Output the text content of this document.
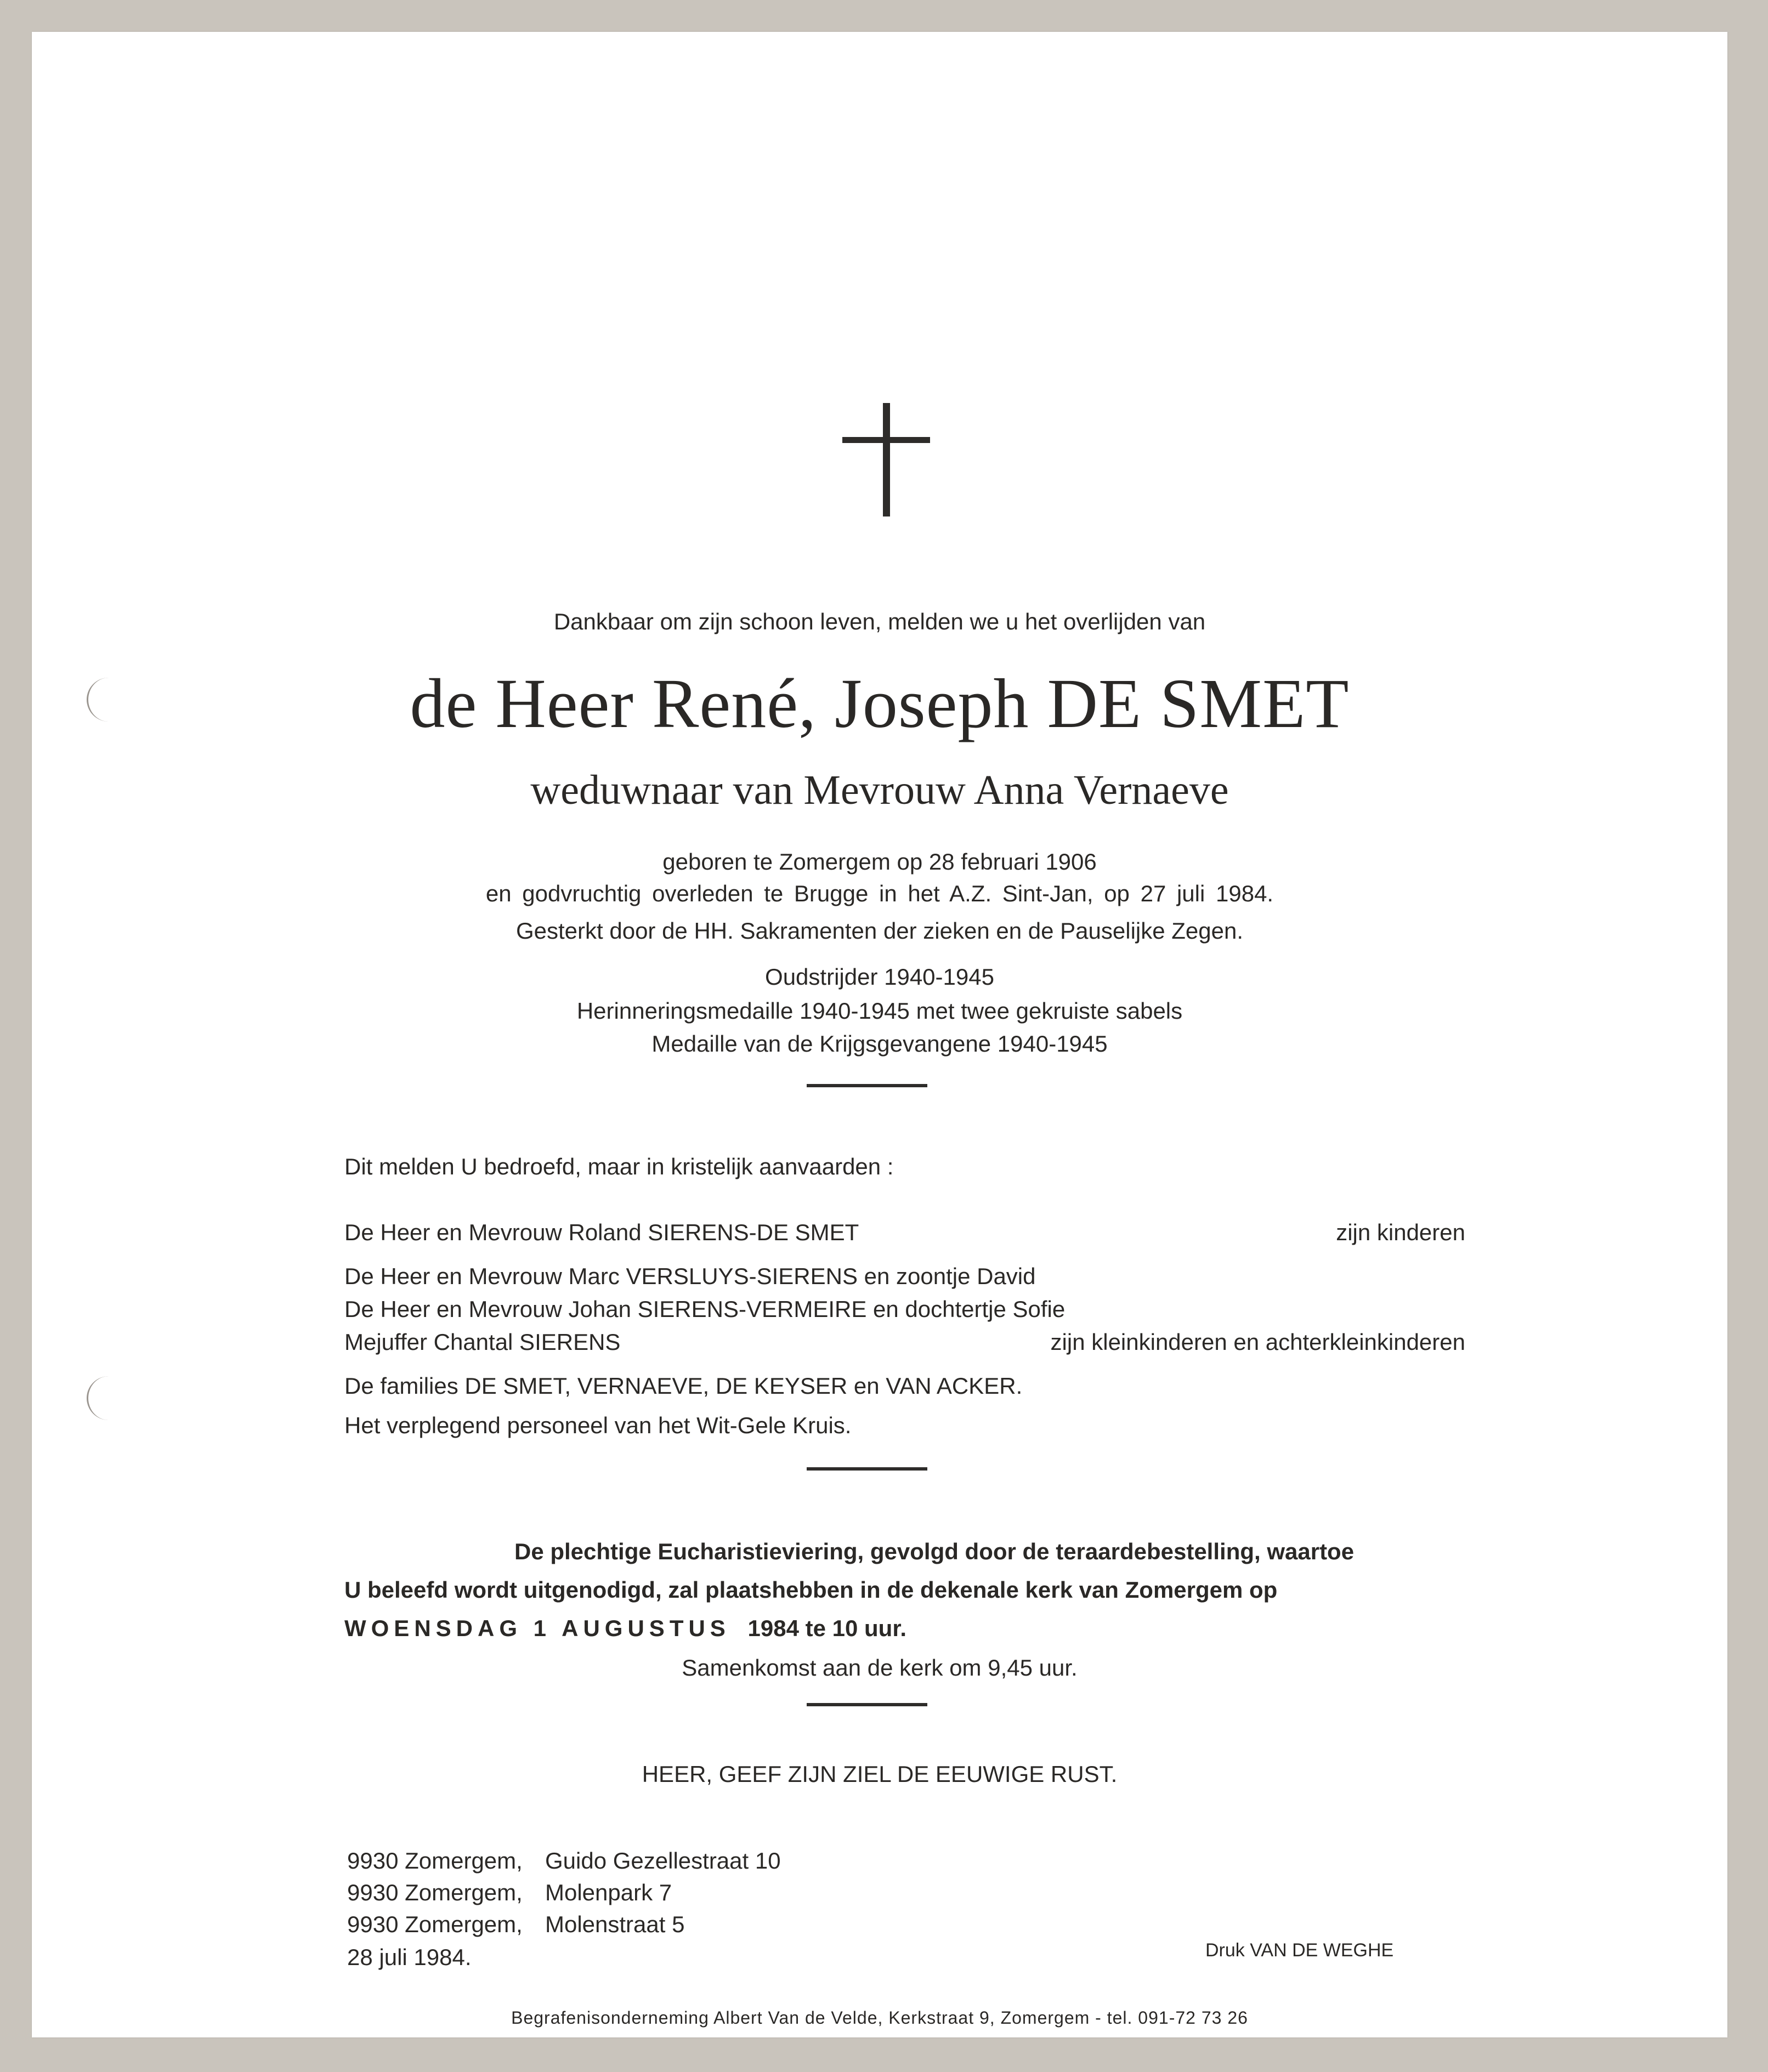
Dankbaar om zijn schoon leven, melden we u het overlijden van
de Heer René, Joseph DE SMET
weduwnaar van Mevrouw Anna Vernaeve
geboren te Zomergem op 28 februari 1906
en godvruchtig overleden te Brugge in het A.Z. Sint-Jan, op 27 juli 1984.
Gesterkt door de HH. Sakramenten der zieken en de Pauselijke Zegen.
Oudstrijder 1940-1945
Herinneringsmedaille 1940-1945 met twee gekruiste sabels
Medaille van de Krijgsgevangene 1940-1945
Dit melden U bedroefd, maar in kristelijk aanvaarden :
De Heer en Mevrouw Roland SIERENS-DE SMET	zijn kinderen
De Heer en Mevrouw Marc VERSLUYS-SIERENS en zoontje David
De Heer en Mevrouw Johan SIERENS-VERMEIRE en dochtertje Sofie
Mejuffer Chantal SIERENS	zijn kleinkinderen en achterkleinkinderen
De families DE SMET, VERNAEVE, DE KEYSER en VAN ACKER.
Het verplegend personeel van het Wit-Gele Kruis.
De plechtige Eucharistieviering, gevolgd door de teraardebestelling, waartoe
U beleefd wordt uitgenodigd, zal plaatshebben in de dekenale kerk van Zomergem op
WOENSDAG 1 AUGUSTUS 1984 te 10 uur.
Samenkomst aan de kerk om 9,45 uur.
HEER, GEEF ZIJN ZIEL DE EEUWIGE RUST.
9930 Zomergem, Guido Gezellestraat 10
9930 Zomergem, Molenpark 7
9930 Zomergem, Molenstraat 5
28 juli 1984.	Druk VAN DE WEGHE
Begrafenisonderneming Albert Van de Velde, Kerkstraat 9, Zomergem - tel. 091-72 73 26
